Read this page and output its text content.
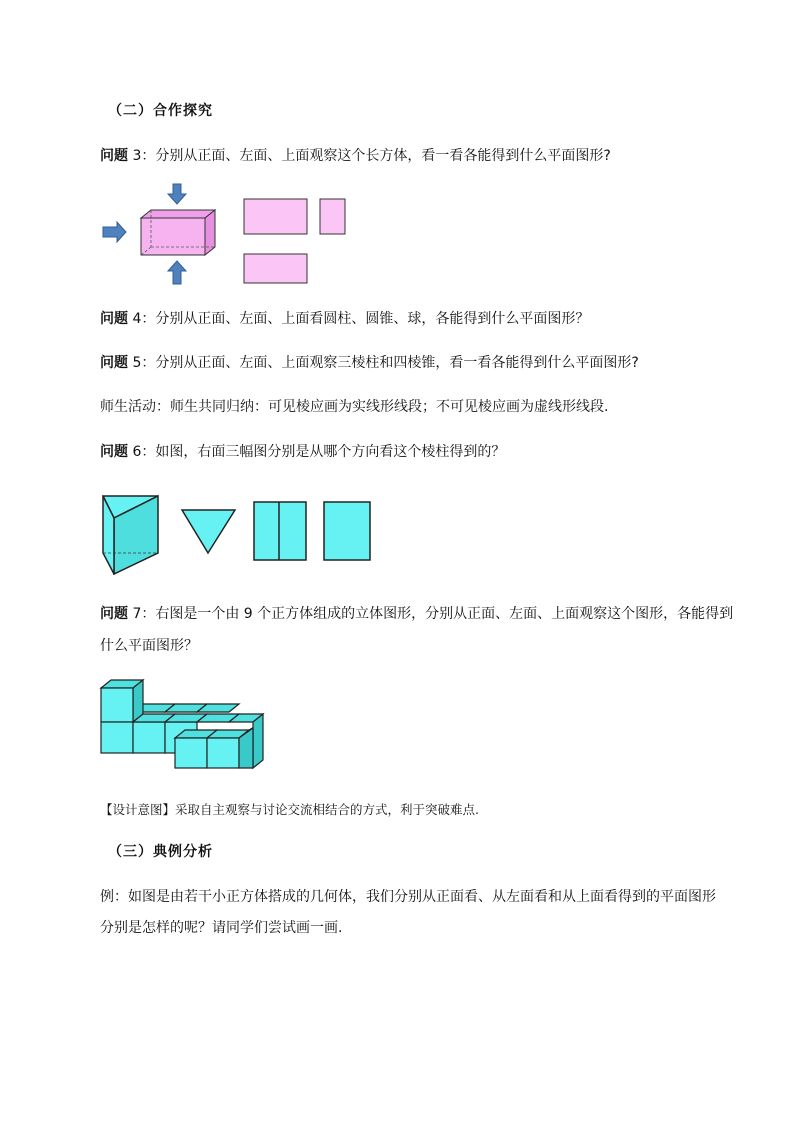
（二）合作探究
问题 3：分别从正面、左面、上面观察这个长方体，看一看各能得到什么平面图形?
问题 4：分别从正面、左面、上面看圆柱、圆锥、球，各能得到什么平面图形？
问题 5：分别从正面、左面、上面观察三棱柱和四棱锥，看一看各能得到什么平面图形?
师生活动：师生共同归纳：可见棱应画为实线形线段；不可见棱应画为虚线形线段.
问题 6：如图，右面三幅图分别是从哪个方向看这个棱柱得到的？
问题 7：右图是一个由 9 个正方体组成的立体图形，分别从正面、左面、上面观察这个图形，各能得到
什么平面图形？
【设计意图】采取自主观察与讨论交流相结合的方式，利于突破难点.
（三）典例分析
例：如图是由若干小正方体搭成的几何体，我们分别从正面看、从左面看和从上面看得到的平面图形
分别是怎样的呢？请同学们尝试画一画.
